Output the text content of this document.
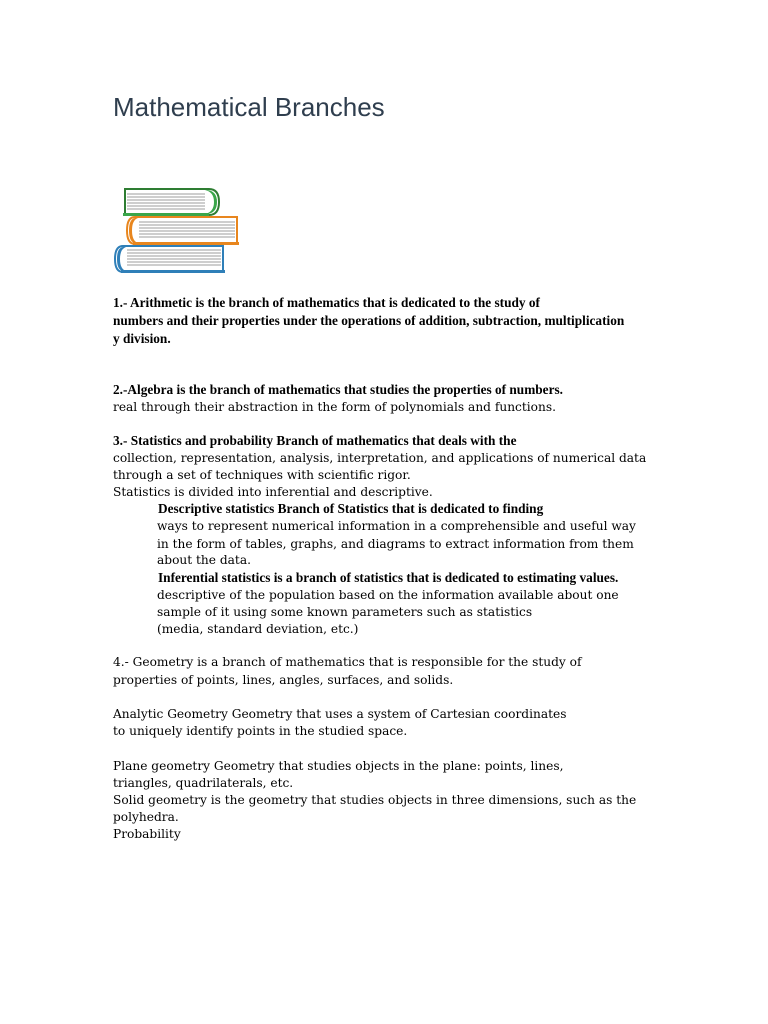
Mathematical Branches

1.- Arithmetic is the branch of mathematics that is dedicated to the study of

numbers and their properties under the operations of addition, subtraction, multiplication

y division.

2.-Algebra is the branch of mathematics that studies the properties of numbers.

real through their abstraction in the form of polynomials and functions.

3.- Statistics and probability Branch of mathematics that deals with the

collection, representation, analysis, interpretation, and applications of numerical data

through a set of techniques with scientific rigor.

Statistics is divided into inferential and descriptive.

Descriptive statistics Branch of Statistics that is dedicated to finding

ways to represent numerical information in a comprehensible and useful way

in the form of tables, graphs, and diagrams to extract information from them

about the data.

Inferential statistics is a branch of statistics that is dedicated to estimating values.

descriptive of the population based on the information available about one

sample of it using some known parameters such as statistics

(media, standard deviation, etc.)

4.- Geometry is a branch of mathematics that is responsible for the study of

properties of points, lines, angles, surfaces, and solids.

Analytic Geometry Geometry that uses a system of Cartesian coordinates

to uniquely identify points in the studied space.

Plane geometry Geometry that studies objects in the plane: points, lines,

triangles, quadrilaterals, etc.

Solid geometry is the geometry that studies objects in three dimensions, such as the

polyhedra.

Probability
